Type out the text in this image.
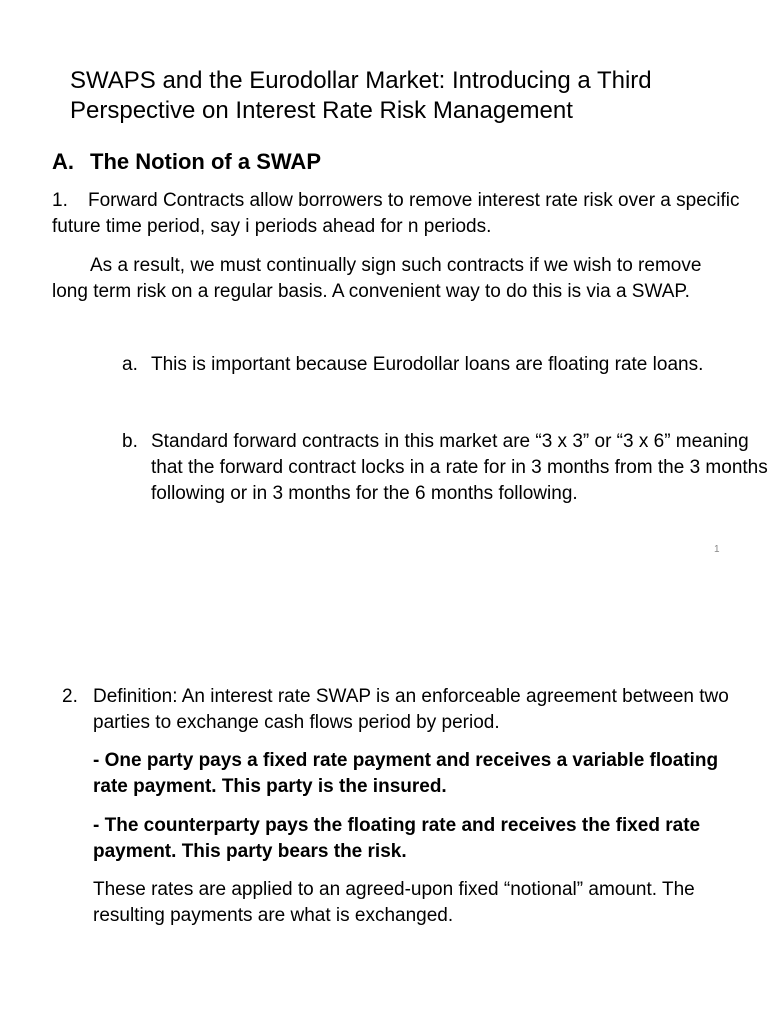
SWAPS and the Eurodollar Market: Introducing a Third Perspective on Interest Rate Risk Management
A. The Notion of a SWAP
1. Forward Contracts allow borrowers to remove interest rate risk over a specific future time period, say i periods ahead for n periods.
As a result, we must continually sign such contracts if we wish to remove long term risk on a regular basis. A convenient way to do this is via a SWAP.
a. This is important because Eurodollar loans are floating rate loans.
b. Standard forward contracts in this market are “3 x 3” or “3 x 6” meaning that the forward contract locks in a rate for in 3 months from the 3 months following or in 3 months for the 6 months following.
1
2. Definition: An interest rate SWAP is an enforceable agreement between two parties to exchange cash flows period by period.
- One party pays a fixed rate payment and receives a variable floating rate payment. This party is the insured.
- The counterparty pays the floating rate and receives the fixed rate payment. This party bears the risk.
These rates are applied to an agreed-upon fixed “notional” amount. The resulting payments are what is exchanged.
